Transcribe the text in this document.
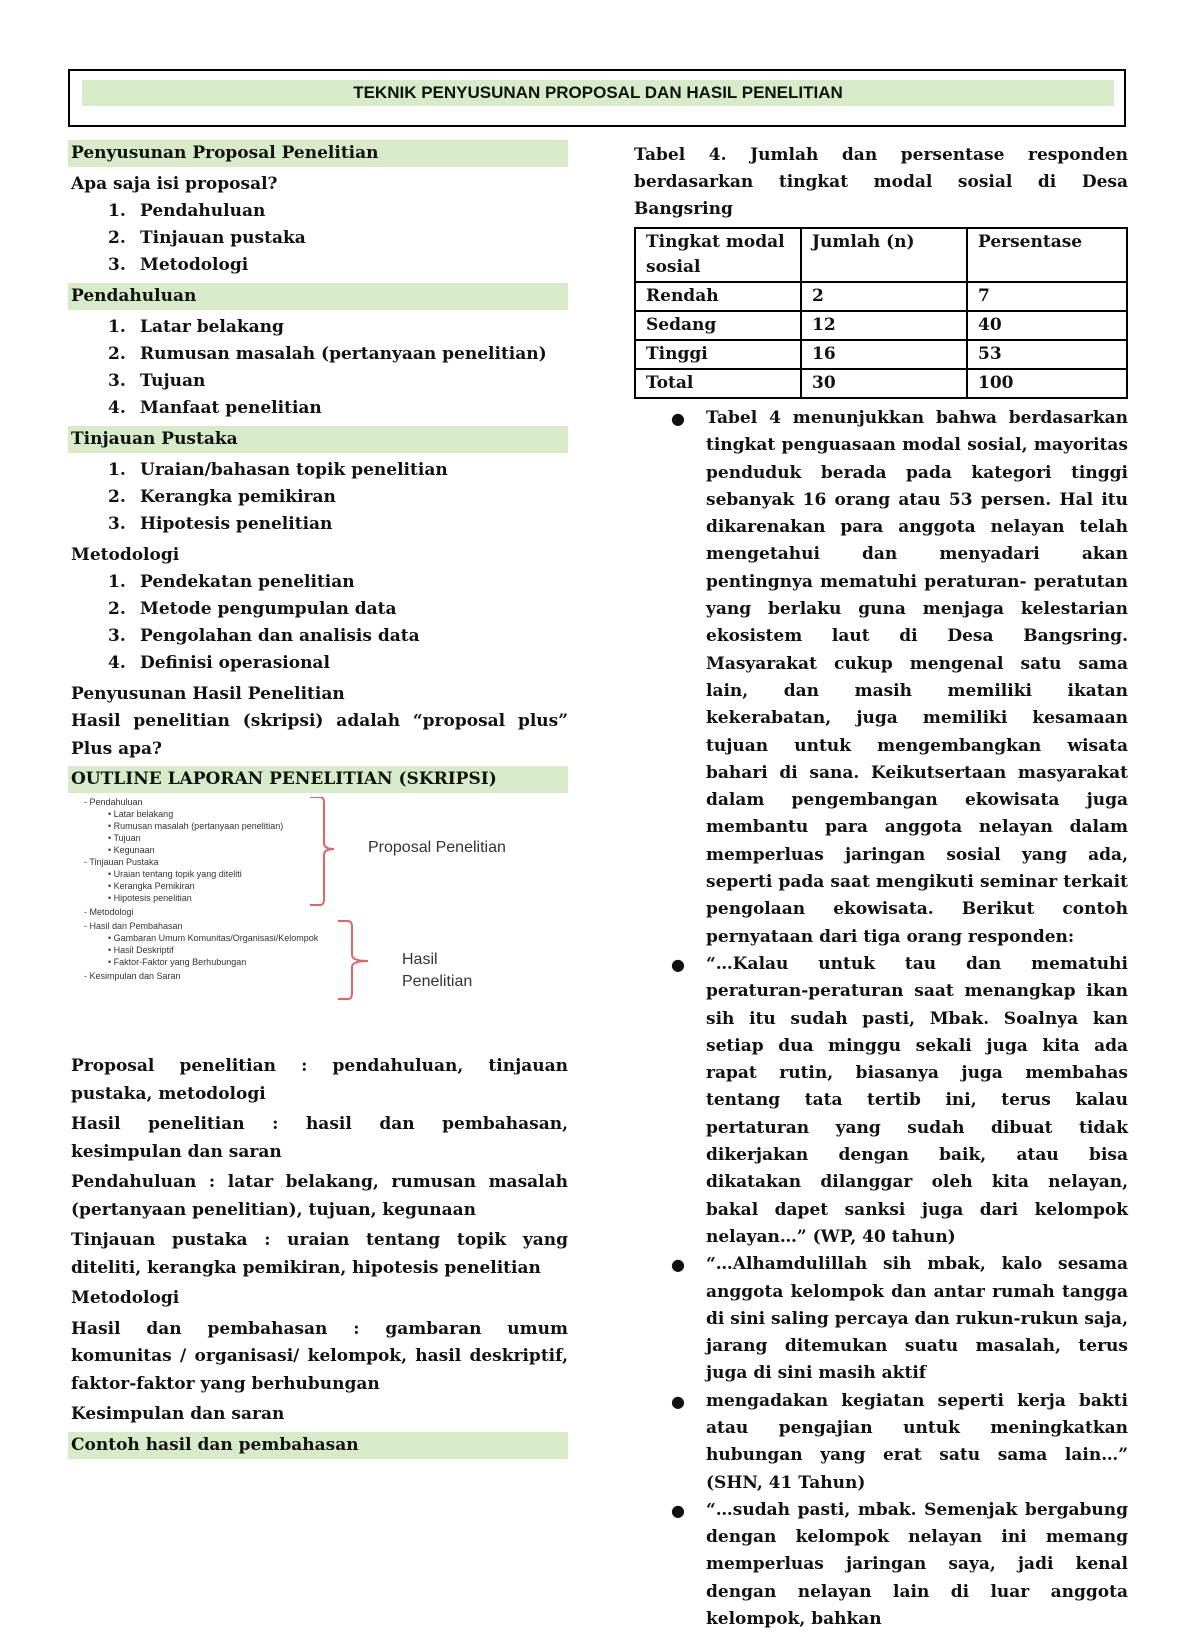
TEKNIK PENYUSUNAN PROPOSAL DAN HASIL PENELITIAN
Penyusunan Proposal Penelitian
Apa saja isi proposal?
1. Pendahuluan
2. Tinjauan pustaka
3. Metodologi
Pendahuluan
1. Latar belakang
2. Rumusan masalah (pertanyaan penelitian)
3. Tujuan
4. Manfaat penelitian
Tinjauan Pustaka
1. Uraian/bahasan topik penelitian
2. Kerangka pemikiran
3. Hipotesis penelitian
Metodologi
1. Pendekatan penelitian
2. Metode pengumpulan data
3. Pengolahan dan analisis data
4. Definisi operasional
Penyusunan Hasil Penelitian
Hasil penelitian (skripsi) adalah “proposal plus” Plus apa?
OUTLINE LAPORAN PENELITIAN (SKRIPSI)
- Pendahuluan
• Latar belakang
• Rumusan masalah (pertanyaan penelitian)
• Tujuan
• Kegunaan
- Tinjauan Pustaka
• Uraian tentang topik yang diteliti
• Kerangka Pemikiran
• Hipotesis penelitian
- Metodologi
- Hasil dan Pembahasan
• Gambaran Umum Komunitas/Organisasi/Kelompok
• Hasil Deskriptif
• Faktor-Faktor yang Berhubungan
- Kesimpulan dan Saran
Proposal Penelitian
Hasil
Penelitian
Proposal penelitian : pendahuluan, tinjauan pustaka, metodologi
Hasil penelitian : hasil dan pembahasan, kesimpulan dan saran
Pendahuluan : latar belakang, rumusan masalah (pertanyaan penelitian), tujuan, kegunaan
Tinjauan pustaka : uraian tentang topik yang diteliti, kerangka pemikiran, hipotesis penelitian
Metodologi
Hasil dan pembahasan : gambaran umum komunitas / organisasi/ kelompok, hasil deskriptif, faktor-faktor yang berhubungan
Kesimpulan dan saran
Contoh hasil dan pembahasan
Tabel 4. Jumlah dan persentase responden berdasarkan tingkat modal sosial di Desa Bangsring
Tingkat modal sosial	Jumlah (n)	Persentase
Rendah	2	7
Sedang	12	40
Tinggi	16	53
Total	30	100
● Tabel 4 menunjukkan bahwa berdasarkan tingkat penguasaan modal sosial, mayoritas penduduk berada pada kategori tinggi sebanyak 16 orang atau 53 persen. Hal itu dikarenakan para anggota nelayan telah mengetahui dan menyadari akan pentingnya mematuhi peraturan- peratutan yang berlaku guna menjaga kelestarian ekosistem laut di Desa Bangsring. Masyarakat cukup mengenal satu sama lain, dan masih memiliki ikatan kekerabatan, juga memiliki kesamaan tujuan untuk mengembangkan wisata bahari di sana. Keikutsertaan masyarakat dalam pengembangan ekowisata juga membantu para anggota nelayan dalam memperluas jaringan sosial yang ada, seperti pada saat mengikuti seminar terkait pengolaan ekowisata. Berikut contoh pernyataan dari tiga orang responden:
● “…Kalau untuk tau dan mematuhi peraturan-peraturan saat menangkap ikan sih itu sudah pasti, Mbak. Soalnya kan setiap dua minggu sekali juga kita ada rapat rutin, biasanya juga membahas tentang tata tertib ini, terus kalau pertaturan yang sudah dibuat tidak dikerjakan dengan baik, atau bisa dikatakan dilanggar oleh kita nelayan, bakal dapet sanksi juga dari kelompok nelayan…” (WP, 40 tahun)
● “…Alhamdulillah sih mbak, kalo sesama anggota kelompok dan antar rumah tangga di sini saling percaya dan rukun-rukun saja, jarang ditemukan suatu masalah, terus juga di sini masih aktif
● mengadakan kegiatan seperti kerja bakti atau pengajian untuk meningkatkan hubungan yang erat satu sama lain…” (SHN, 41 Tahun)
● “…sudah pasti, mbak. Semenjak bergabung dengan kelompok nelayan ini memang memperluas jaringan saya, jadi kenal dengan nelayan lain di luar anggota kelompok, bahkan
